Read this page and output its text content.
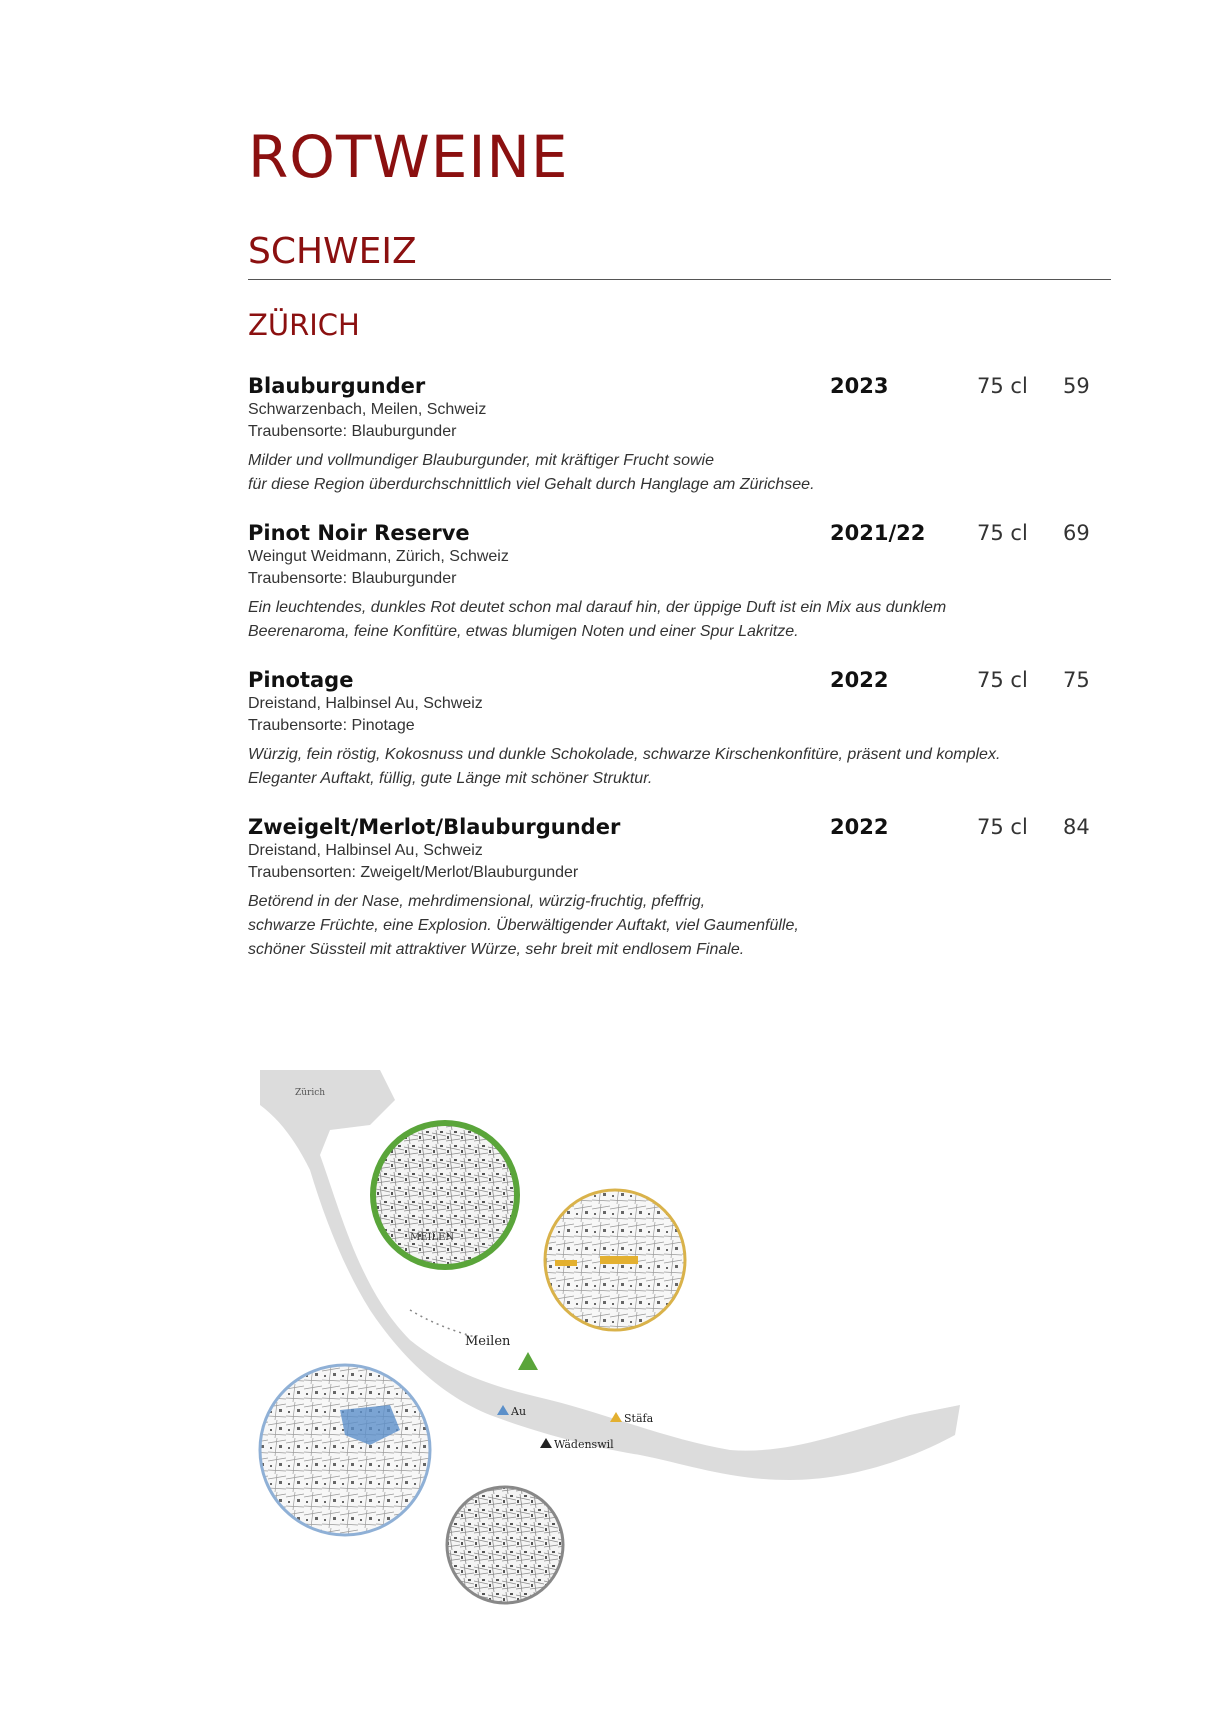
ROTWEINE
SCHWEIZ
ZÜRICH
Blauburgunder	2023	75 cl 59
Schwarzenbach, Meilen, Schweiz
Traubensorte: Blauburgunder
Milder und vollmundiger Blauburgunder, mit kräftiger Frucht sowie
für diese Region überdurchschnittlich viel Gehalt durch Hanglage am Zürichsee.
Pinot Noir Reserve	2021/22 75 cl 69
Weingut Weidmann, Zürich, Schweiz
Traubensorte: Blauburgunder
Ein leuchtendes, dunkles Rot deutet schon mal darauf hin, der üppige Duft ist ein Mix aus dunklem
Beerenaroma, feine Konfitüre, etwas blumigen Noten und einer Spur Lakritze.
Pinotage	2022	75 cl 75
Dreistand, Halbinsel Au, Schweiz
Traubensorte: Pinotage
Würzig, fein röstig, Kokosnuss und dunkle Schokolade, schwarze Kirschenkonfitüre, präsent und komplex.
Eleganter Auftakt, füllig, gute Länge mit schöner Struktur.
Zweigelt/Merlot/Blauburgunder	2022	75 cl 84
Dreistand, Halbinsel Au, Schweiz
Traubensorten: Zweigelt/Merlot/Blauburgunder
Betörend in der Nase, mehrdimensional, würzig-fruchtig, pfeffrig,
schwarze Früchte, eine Explosion. Überwältigender Auftakt, viel Gaumenfülle,
schöner Süssteil mit attraktiver Würze, sehr breit mit endlosem Finale.
MEILEN
Zürich
Meilen
Au
Stäfa
Wädenswil
